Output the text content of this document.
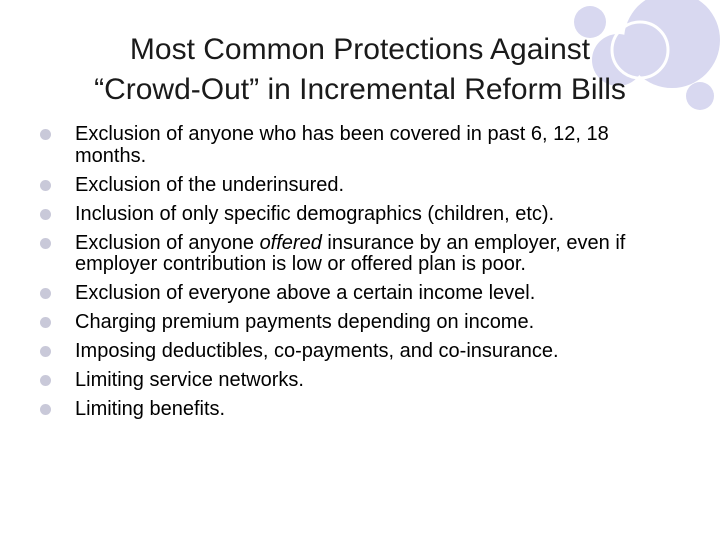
Most Common Protections Against
“Crowd-Out” in Incremental Reform Bills
Exclusion of anyone who has been covered in past 6, 12, 18 months.
Exclusion of the underinsured.
Inclusion of only specific demographics (children, etc).
Exclusion of anyone offered insurance by an employer, even if employer contribution is low or offered plan is poor.
Exclusion of everyone above a certain income level.
Charging premium payments depending on income.
Imposing deductibles, co-payments, and co-insurance.
Limiting service networks.
Limiting benefits.
